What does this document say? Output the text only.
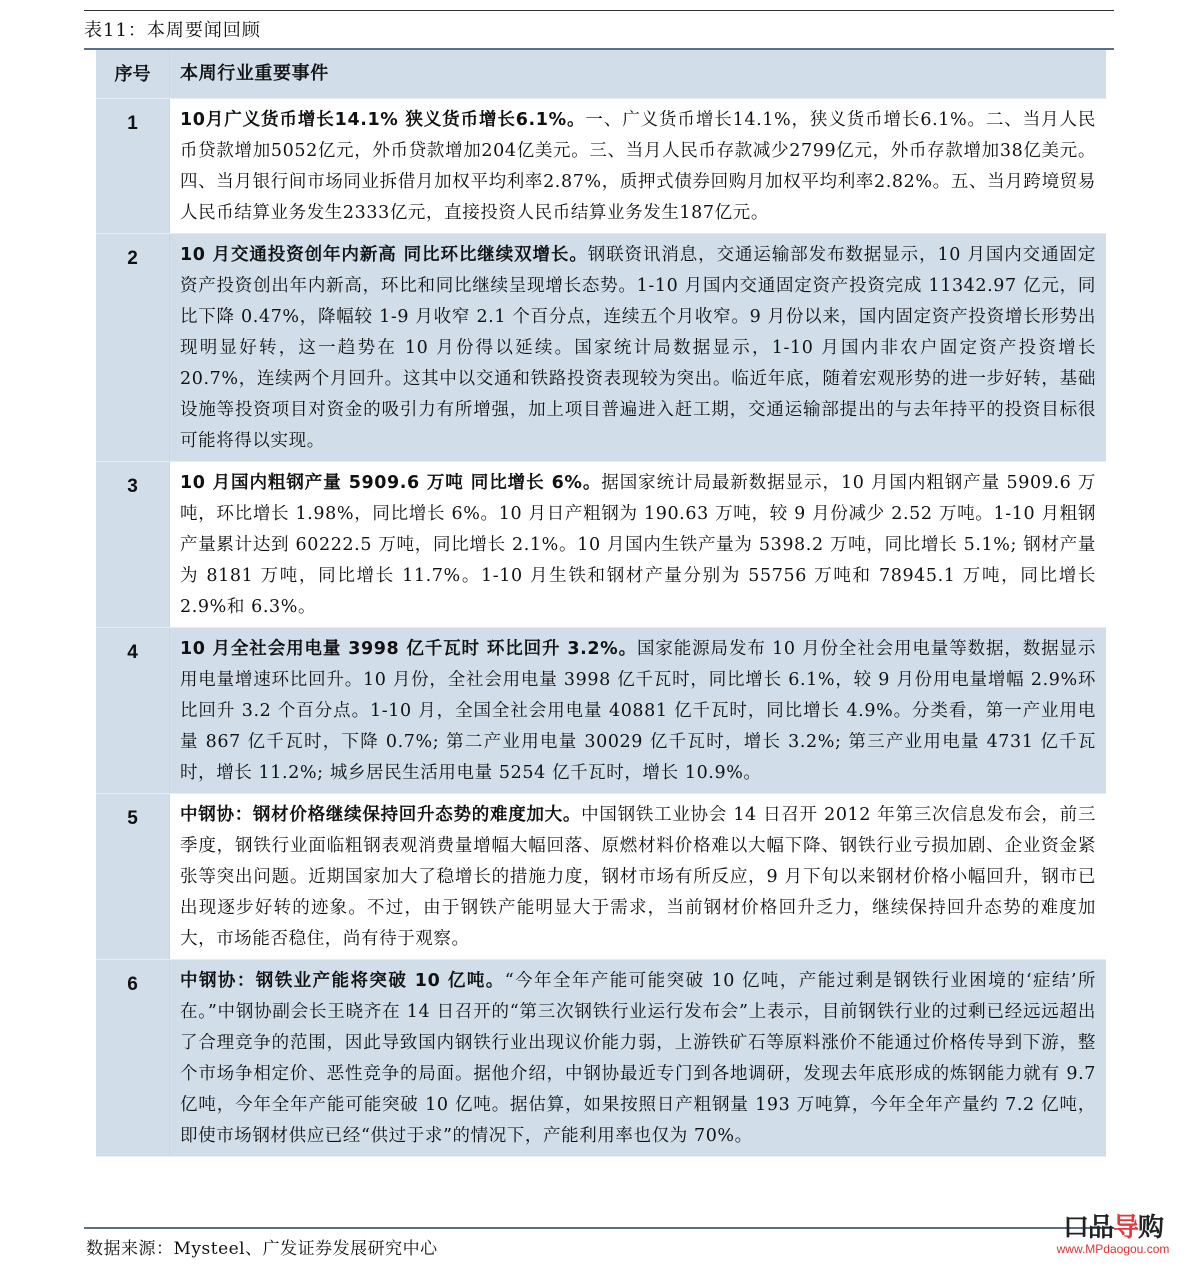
表11：本周要闻回顾
序号	本周行业重要事件
1	10月广义货币增长14.1% 狭义货币增长6.1%。一、广义货币增长14.1%，狭义货币增长6.1%。二、当月人民币贷款增加5052亿元，外币贷款增加204亿美元。三、当月人民币存款减少2799亿元，外币存款增加38亿美元。四、当月银行间市场同业拆借月加权平均利率2.87%，质押式债券回购月加权平均利率2.82%。五、当月跨境贸易人民币结算业务发生2333亿元，直接投资人民币结算业务发生187亿元。
2	10 月交通投资创年内新高 同比环比继续双增长。钢联资讯消息，交通运输部发布数据显示，10 月国内交通固定资产投资创出年内新高，环比和同比继续呈现增长态势。1-10 月国内交通固定资产投资完成 11342.97 亿元，同比下降 0.47%，降幅较 1-9 月收窄 2.1 个百分点，连续五个月收窄。9 月份以来，国内固定资产投资增长形势出现明显好转，这一趋势在 10 月份得以延续。国家统计局数据显示，1-10 月国内非农户固定资产投资增长 20.7%，连续两个月回升。这其中以交通和铁路投资表现较为突出。临近年底，随着宏观形势的进一步好转，基础设施等投资项目对资金的吸引力有所增强，加上项目普遍进入赶工期，交通运输部提出的与去年持平的投资目标很可能将得以实现。
3	10 月国内粗钢产量 5909.6 万吨 同比增长 6%。据国家统计局最新数据显示，10 月国内粗钢产量 5909.6 万吨，环比增长 1.98%，同比增长 6%。10 月日产粗钢为 190.63 万吨，较 9 月份减少 2.52 万吨。1-10 月粗钢产量累计达到 60222.5 万吨，同比增长 2.1%。10 月国内生铁产量为 5398.2 万吨，同比增长 5.1%; 钢材产量为 8181 万吨，同比增长 11.7%。1-10 月生铁和钢材产量分别为 55756 万吨和 78945.1 万吨，同比增长 2.9%和 6.3%。
4	10 月全社会用电量 3998 亿千瓦时 环比回升 3.2%。国家能源局发布 10 月份全社会用电量等数据，数据显示用电量增速环比回升。10 月份，全社会用电量 3998 亿千瓦时，同比增长 6.1%，较 9 月份用电量增幅 2.9%环比回升 3.2 个百分点。1-10 月，全国全社会用电量 40881 亿千瓦时，同比增长 4.9%。分类看，第一产业用电量 867 亿千瓦时，下降 0.7%; 第二产业用电量 30029 亿千瓦时，增长 3.2%; 第三产业用电量 4731 亿千瓦时，增长 11.2%; 城乡居民生活用电量 5254 亿千瓦时，增长 10.9%。
5	中钢协：钢材价格继续保持回升态势的难度加大。中国钢铁工业协会 14 日召开 2012 年第三次信息发布会，前三季度，钢铁行业面临粗钢表观消费量增幅大幅回落、原燃材料价格难以大幅下降、钢铁行业亏损加剧、企业资金紧张等突出问题。近期国家加大了稳增长的措施力度，钢材市场有所反应，9 月下旬以来钢材价格小幅回升，钢市已出现逐步好转的迹象。不过，由于钢铁产能明显大于需求，当前钢材价格回升乏力，继续保持回升态势的难度加大，市场能否稳住，尚有待于观察。
6	中钢协：钢铁业产能将突破 10 亿吨。“今年全年产能可能突破 10 亿吨，产能过剩是钢铁行业困境的‘症结’所在。”中钢协副会长王晓齐在 14 日召开的“第三次钢铁行业运行发布会”上表示，目前钢铁行业的过剩已经远远超出了合理竞争的范围，因此导致国内钢铁行业出现议价能力弱，上游铁矿石等原料涨价不能通过价格传导到下游，整个市场争相定价、恶性竞争的局面。据他介绍，中钢协最近专门到各地调研，发现去年底形成的炼钢能力就有 9.7 亿吨，今年全年产能可能突破 10 亿吨。据估算，如果按照日产粗钢量 193 万吨算，今年全年产量约 7.2 亿吨，即使市场钢材供应已经“供过于求”的情况下，产能利用率也仅为 70%。
数据来源：Mysteel、广发证券发展研究中心
口品导购
www.MPdaogou.com
